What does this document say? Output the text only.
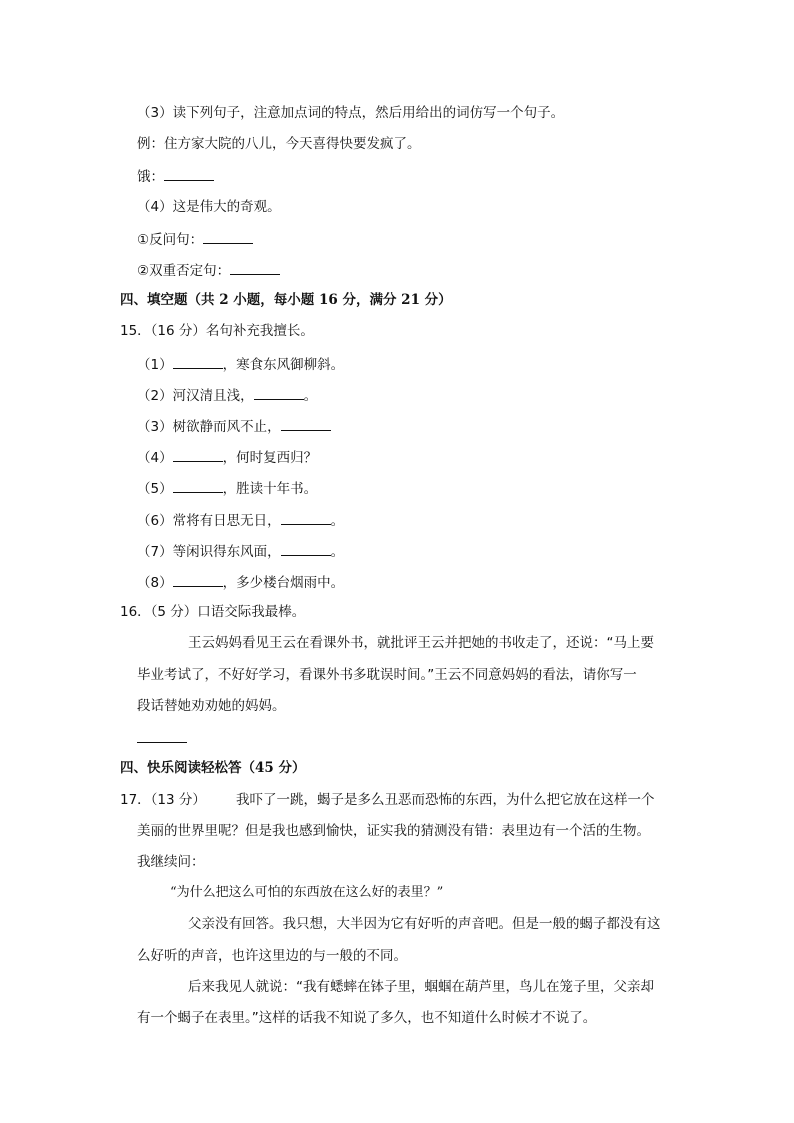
（3）读下列句子，注意加点词的特点，然后用给出的词仿写一个句子。
例：住方家大院的八儿，今天喜得快要发疯了。
饿：
（4）这是伟大的奇观。
①反问句：
②双重否定句：
四、填空题（共 2 小题，每小题 16 分，满分 21 分）
15．（16 分）名句补充我擅长。
（1）	，寒食东风御柳斜。
（2）河汉清且浅，	。
（3）树欲静而风不止，
（4）	，何时复西归？
（5）	，胜读十年书。
（6）常将有日思无日，	。
（7）等闲识得东风面，	。
（8）	，多少楼台烟雨中。
16．（5 分）口语交际我最棒。
王云妈妈看见王云在看课外书，就批评王云并把她的书收走了，还说：“马上要
毕业考试了，不好好学习，看课外书多耽误时间。”王云不同意妈妈的看法，请你写一
段话替她劝劝她的妈妈。
四、快乐阅读轻松答（45 分）
17．（13 分） 我吓了一跳，蝎子是多么丑恶而恐怖的东西，为什么把它放在这样一个
美丽的世界里呢？但是我也感到愉快，证实我的猜测没有错：表里边有一个活的生物。
我继续问：
“为什么把这么可怕的东西放在这么好的表里？”
父亲没有回答。我只想，大半因为它有好听的声音吧。但是一般的蝎子都没有这
么好听的声音，也许这里边的与一般的不同。
后来我见人就说：“我有蟋蟀在钵子里，蝈蝈在葫芦里，鸟儿在笼子里，父亲却
有一个蝎子在表里。”这样的话我不知说了多久，也不知道什么时候才不说了。
